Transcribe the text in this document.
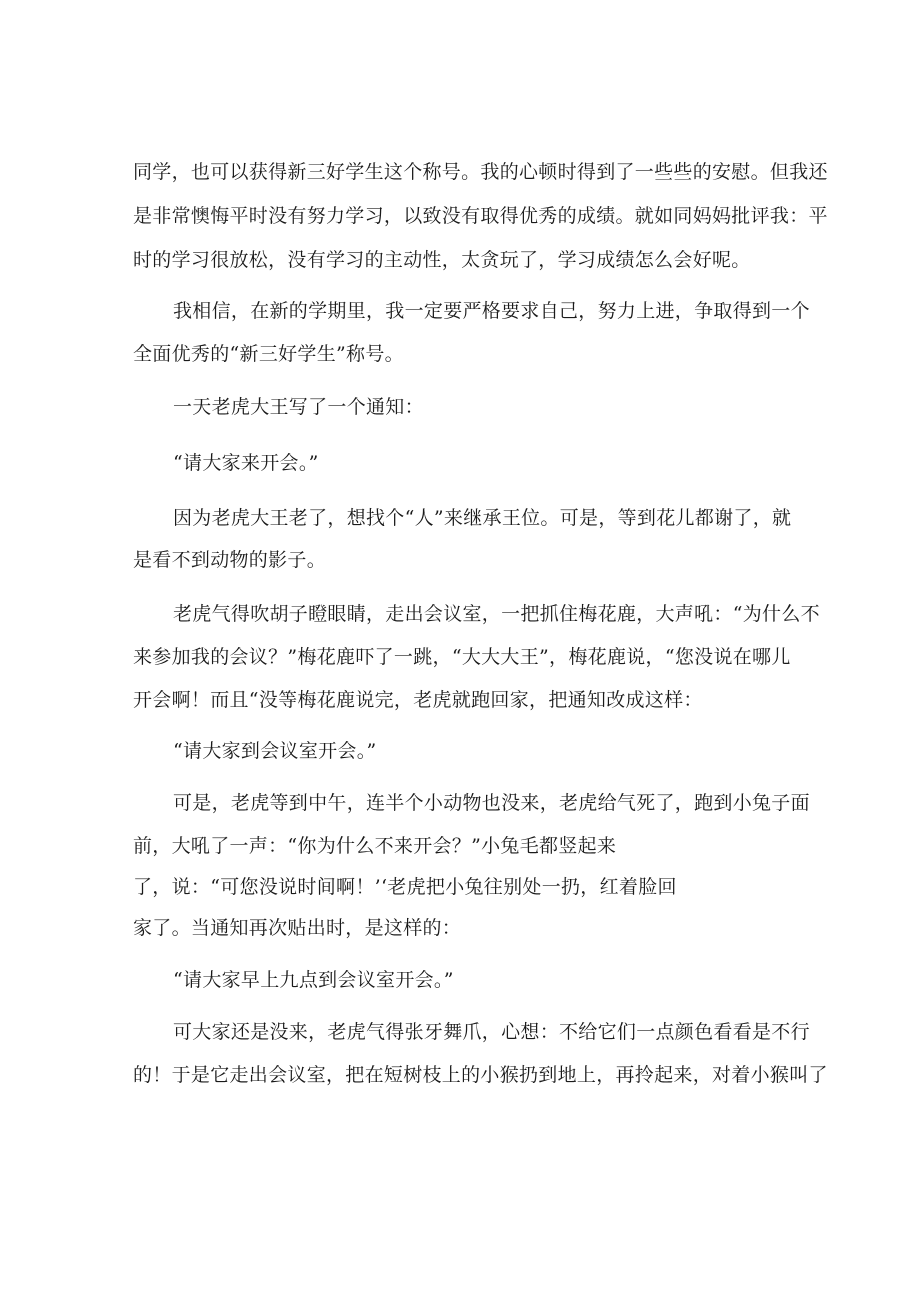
同学，也可以获得新三好学生这个称号。我的心顿时得到了一些些的安慰。但我还
是非常懊悔平时没有努力学习，以致没有取得优秀的成绩。就如同妈妈批评我：平
时的学习很放松，没有学习的主动性，太贪玩了，学习成绩怎么会好呢。
我相信，在新的学期里，我一定要严格要求自己，努力上进，争取得到一个
全面优秀的“新三好学生”称号。
一天老虎大王写了一个通知：
“请大家来开会。”
因为老虎大王老了，想找个“人”来继承王位。可是，等到花儿都谢了，就
是看不到动物的影子。
老虎气得吹胡子瞪眼睛，走出会议室，一把抓住梅花鹿，大声吼：“为什么不
来参加我的会议？”梅花鹿吓了一跳，“大大大王”，梅花鹿说，“您没说在哪儿
开会啊！而且“没等梅花鹿说完，老虎就跑回家，把通知改成这样：
“请大家到会议室开会。”
可是，老虎等到中午，连半个小动物也没来，老虎给气死了，跑到小兔子面
前，大吼了一声：“你为什么不来开会？”小兔毛都竖起来
了，说：“可您没说时间啊！’‘老虎把小兔往别处一扔，红着脸回
家了。当通知再次贴出时，是这样的：
“请大家早上九点到会议室开会。”
可大家还是没来，老虎气得张牙舞爪，心想：不给它们一点颜色看看是不行
的！于是它走出会议室，把在短树枝上的小猴扔到地上，再拎起来，对着小猴叫了
